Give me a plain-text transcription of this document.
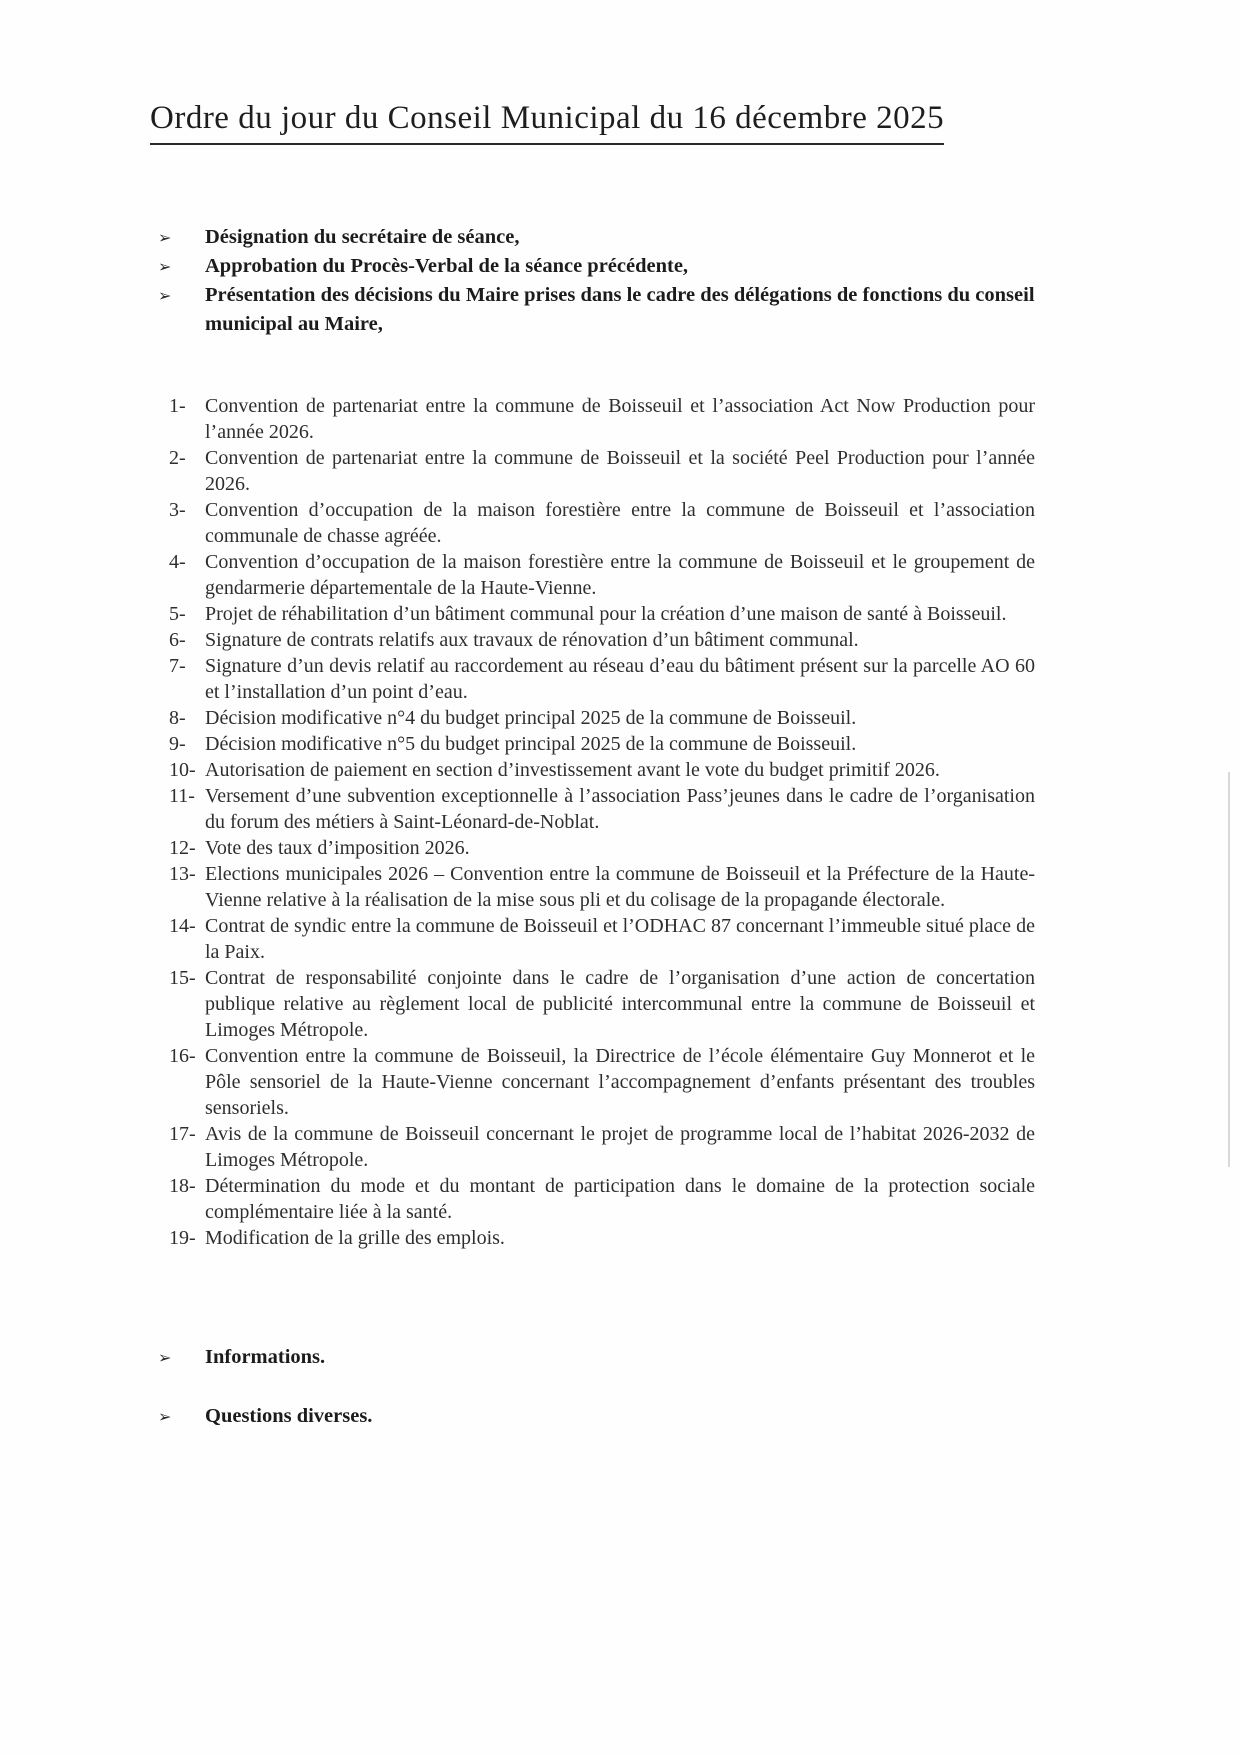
Ordre du jour du Conseil Municipal du 16 décembre 2025
➢	Désignation du secrétaire de séance,
➢	Approbation du Procès-Verbal de la séance précédente,
➢	Présentation des décisions du Maire prises dans le cadre des délégations de fonctions du conseil municipal au Maire,
1- Convention de partenariat entre la commune de Boisseuil et l’association Act Now Production pour l’année 2026.
2- Convention de partenariat entre la commune de Boisseuil et la société Peel Production pour l’année 2026.
3- Convention d’occupation de la maison forestière entre la commune de Boisseuil et l’association communale de chasse agréée.
4- Convention d’occupation de la maison forestière entre la commune de Boisseuil et le groupement de gendarmerie départementale de la Haute-Vienne.
5- Projet de réhabilitation d’un bâtiment communal pour la création d’une maison de santé à Boisseuil.
6- Signature de contrats relatifs aux travaux de rénovation d’un bâtiment communal.
7- Signature d’un devis relatif au raccordement au réseau d’eau du bâtiment présent sur la parcelle AO 60 et l’installation d’un point d’eau.
8- Décision modificative n°4 du budget principal 2025 de la commune de Boisseuil.
9- Décision modificative n°5 du budget principal 2025 de la commune de Boisseuil.
10- Autorisation de paiement en section d’investissement avant le vote du budget primitif 2026.
11- Versement d’une subvention exceptionnelle à l’association Pass’jeunes dans le cadre de l’organisation du forum des métiers à Saint-Léonard-de-Noblat.
12- Vote des taux d’imposition 2026.
13- Elections municipales 2026 – Convention entre la commune de Boisseuil et la Préfecture de la Haute-Vienne relative à la réalisation de la mise sous pli et du colisage de la propagande électorale.
14- Contrat de syndic entre la commune de Boisseuil et l’ODHAC 87 concernant l’immeuble situé place de la Paix.
15- Contrat de responsabilité conjointe dans le cadre de l’organisation d’une action de concertation publique relative au règlement local de publicité intercommunal entre la commune de Boisseuil et Limoges Métropole.
16- Convention entre la commune de Boisseuil, la Directrice de l’école élémentaire Guy Monnerot et le Pôle sensoriel de la Haute-Vienne concernant l’accompagnement d’enfants présentant des troubles sensoriels.
17- Avis de la commune de Boisseuil concernant le projet de programme local de l’habitat 2026-2032 de Limoges Métropole.
18- Détermination du mode et du montant de participation dans le domaine de la protection sociale complémentaire liée à la santé.
19- Modification de la grille des emplois.
➢	Informations.
➢	Questions diverses.
